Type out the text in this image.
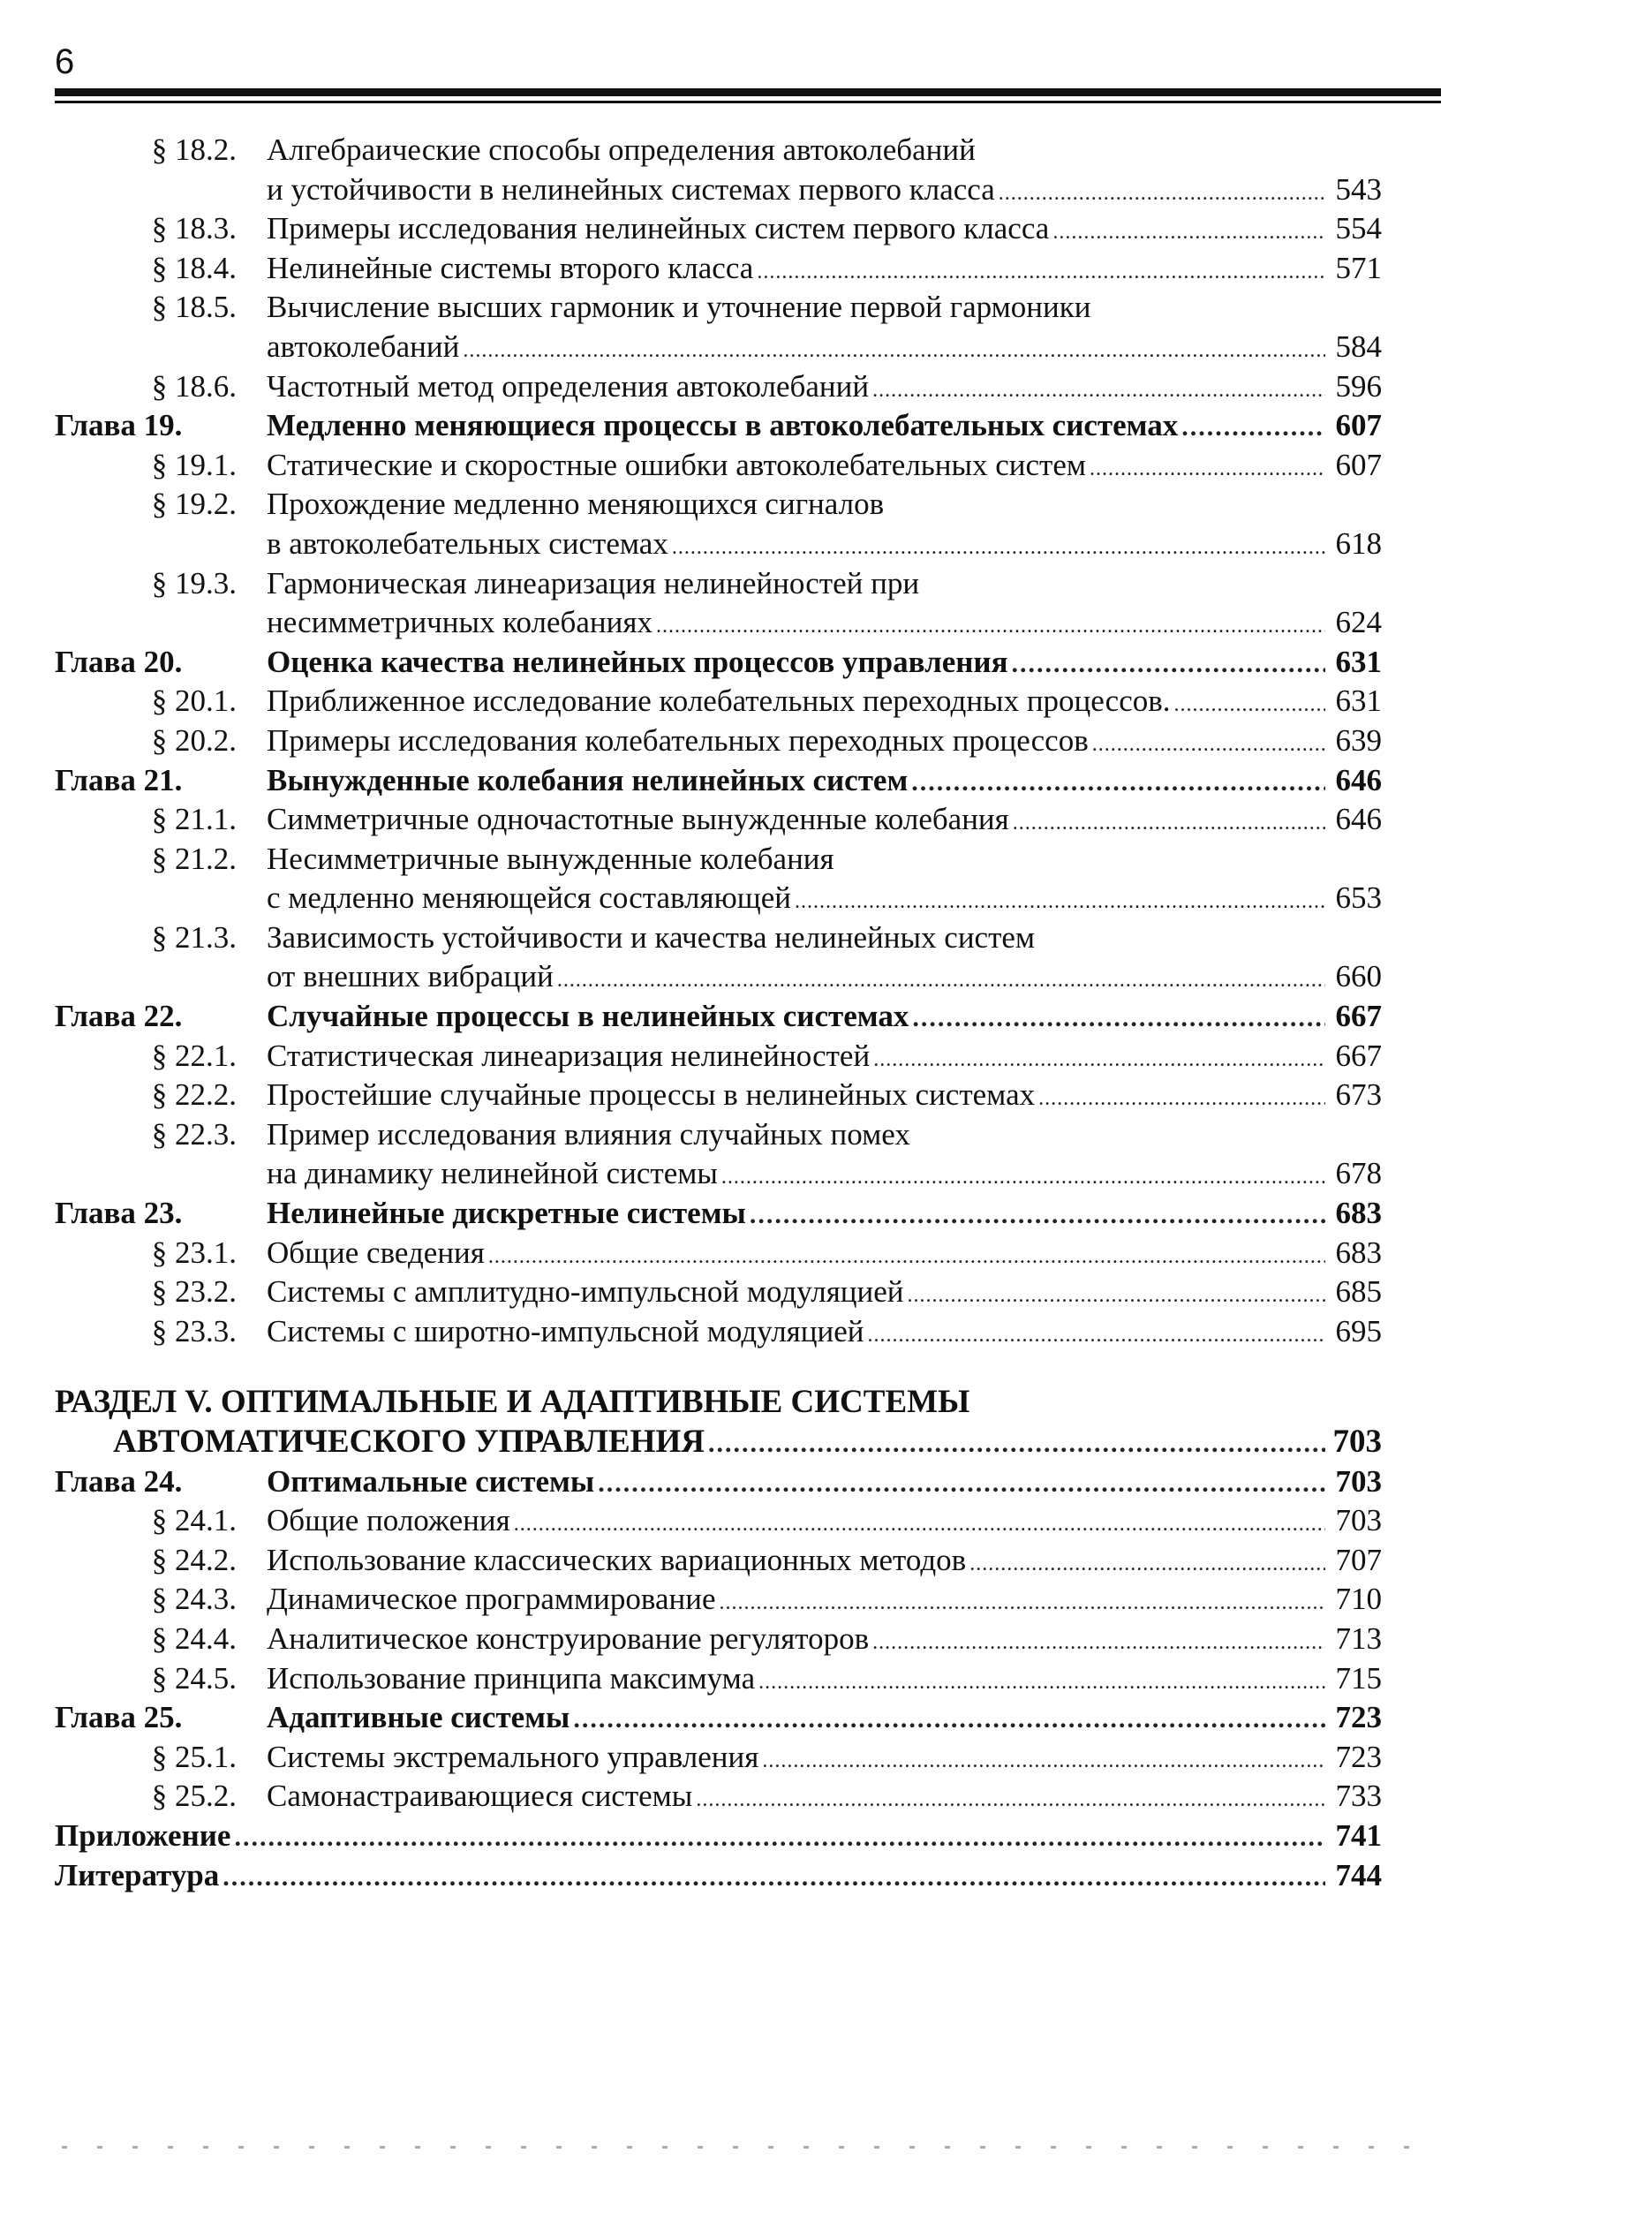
6
§ 18.2. Алгебраические способы определения автоколебаний
и устойчивости в нелинейных системах первого класса .....	543
§ 18.3. Примеры исследования нелинейных систем первого класса .....	554
§ 18.4. Нелинейные системы второго класса .....	571
§ 18.5. Вычисление высших гармоник и уточнение первой гармоники
автоколебаний .....	584
§ 18.6. Частотный метод определения автоколебаний .....	596
Глава 19.	Медленно меняющиеся процессы в автоколебательных системах .....	607
§ 19.1. Статические и скоростные ошибки автоколебательных систем .....	607
§ 19.2. Прохождение медленно меняющихся сигналов
в автоколебательных системах .....	618
§ 19.3. Гармоническая линеаризация нелинейностей при
несимметричных колебаниях .....	624
Глава 20.	Оценка качества нелинейных процессов управления .....	631
§ 20.1. Приближенное исследование колебательных переходных процессов. .....	631
§ 20.2. Примеры исследования колебательных переходных процессов .....	639
Глава 21.	Вынужденные колебания нелинейных систем .....	646
§ 21.1. Симметричные одночастотные вынужденные колебания .....	646
§ 21.2. Несимметричные вынужденные колебания
с медленно меняющейся составляющей .....	653
§ 21.3. Зависимость устойчивости и качества нелинейных систем
от внешних вибраций .....	660
Глава 22.	Случайные процессы в нелинейных системах .....	667
§ 22.1. Статистическая линеаризация нелинейностей .....	667
§ 22.2. Простейшие случайные процессы в нелинейных системах .....	673
§ 22.3. Пример исследования влияния случайных помех
на динамику нелинейной системы .....	678
Глава 23.	Нелинейные дискретные системы .....	683
§ 23.1. Общие сведения .....	683
§ 23.2. Системы с амплитудно-импульсной модуляцией .....	685
§ 23.3. Системы с широтно-импульсной модуляцией .....	695
РАЗДЕЛ V. ОПТИМАЛЬНЫЕ И АДАПТИВНЫЕ СИСТЕМЫ
АВТОМАТИЧЕСКОГО УПРАВЛЕНИЯ .....	703
Глава 24.	Оптимальные системы .....	703
§ 24.1. Общие положения .....	703
§ 24.2. Использование классических вариационных методов .....	707
§ 24.3. Динамическое программирование .....	710
§ 24.4. Аналитическое конструирование регуляторов .....	713
§ 24.5. Использование принципа максимума .....	715
Глава 25.	Адаптивные системы .....	723
§ 25.1. Системы экстремального управления .....	723
§ 25.2. Самонастраивающиеся системы .....	733
Приложение .....	741
Литература .....	744
